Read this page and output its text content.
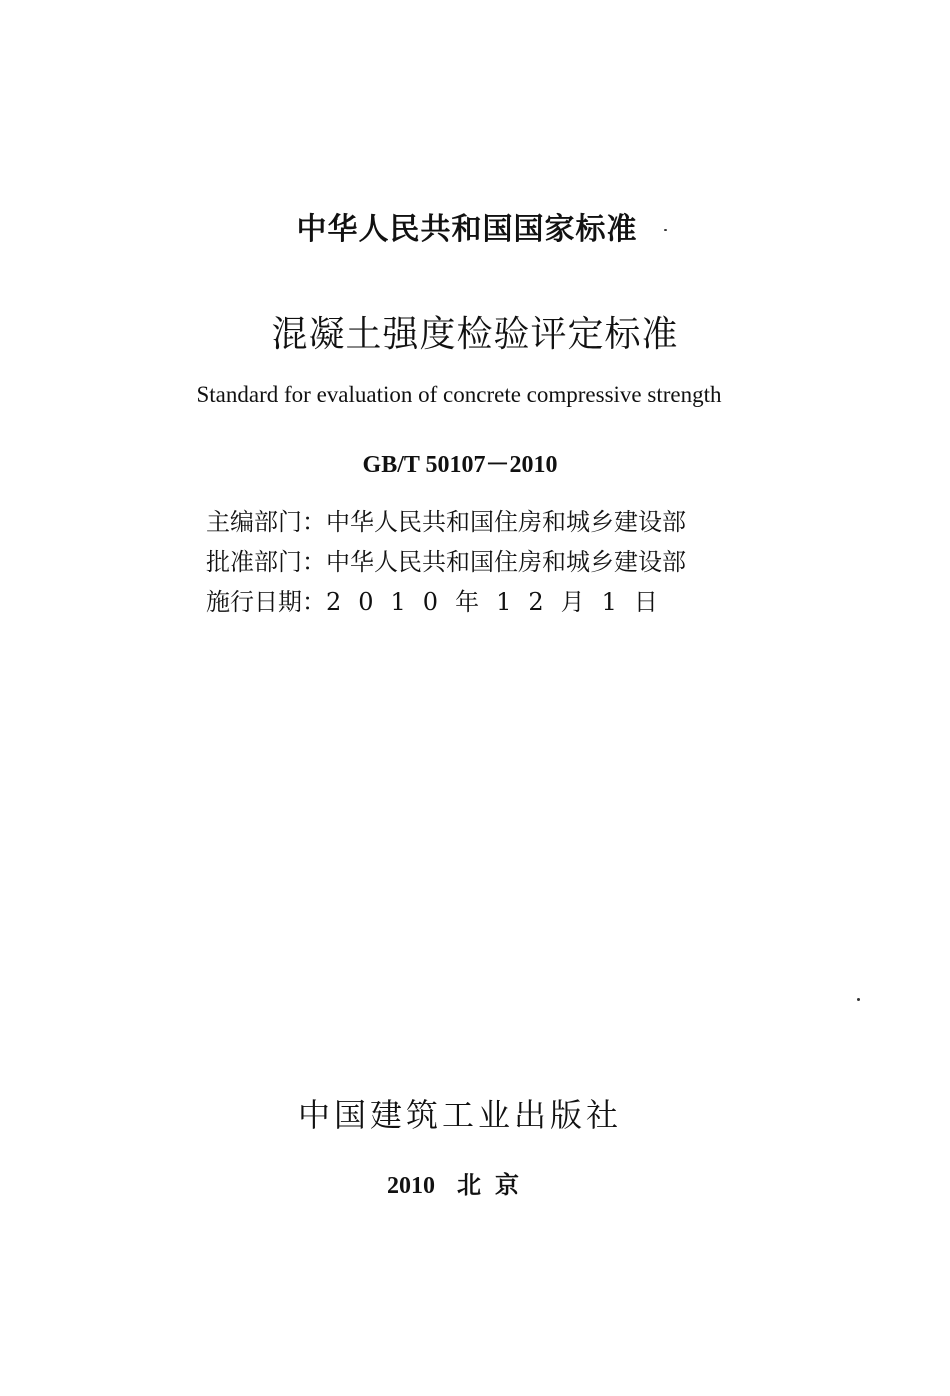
中华人民共和国国家标准
混凝土强度检验评定标准
Standard for evaluation of concrete compressive strength
GB/T 50107－2010
主编部门：中华人民共和国住房和城乡建设部
批准部门：中华人民共和国住房和城乡建设部
施行日期：2010年12月1日
中国建筑工业出版社
2010 北京
